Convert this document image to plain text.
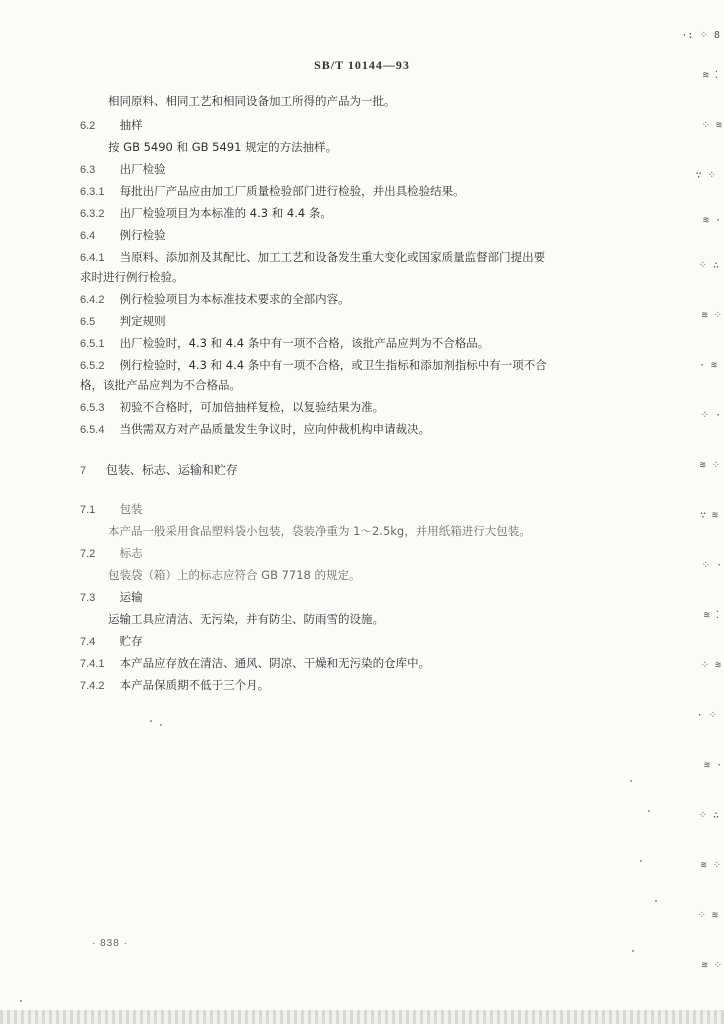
SB/T 10144—93
相同原料、相同工艺和相同设备加工所得的产品为一批。
6.2 抽样
按 GB 5490 和 GB 5491 规定的方法抽样。
6.3 出厂检验
6.3.1 每批出厂产品应由加工厂质量检验部门进行检验，并出具检验结果。
6.3.2 出厂检验项目为本标准的 4.3 和 4.4 条。
6.4 例行检验
6.4.1 当原料、添加剂及其配比、加工工艺和设备发生重大变化或国家质量监督部门提出要
求时进行例行检验。
6.4.2 例行检验项目为本标准技术要求的全部内容。
6.5 判定规则
6.5.1 出厂检验时，4.3 和 4.4 条中有一项不合格，该批产品应判为不合格品。
6.5.2 例行检验时，4.3 和 4.4 条中有一项不合格，或卫生指标和添加剂指标中有一项不合
格，该批产品应判为不合格品。
6.5.3 初验不合格时，可加倍抽样复检，以复验结果为准。
6.5.4 当供需双方对产品质量发生争议时，应向仲裁机构申请裁决。
7 包装、标志、运输和贮存
7.1 包装
本产品一般采用食品塑料袋小包装，袋装净重为 1～2.5kg，并用纸箱进行大包装。
7.2 标志
包装袋（箱）上的标志应符合 GB 7718 的规定。
7.3 运输
运输工具应清洁、无污染，并有防尘、防雨雪的设施。
7.4 贮存
7.4.1 本产品应存放在清洁、通风、阴凉、干燥和无污染的仓库中。
7.4.2 本产品保质期不低于三个月。
· 838 ·
·: ⁘ 8
≋ ⁚
⁘ ≋
∵ ⁘
≋ ·
⁘ ∴
≋ ⁘
· ≋
⁘ ·
≋ ⁘
∵ ≋
⁘ ·
≋ ⁚
⁘ ≋
· ⁘
≋ ·
⁘ ∴
≋ ⁘
⁘ ≋
≋ ⁘
